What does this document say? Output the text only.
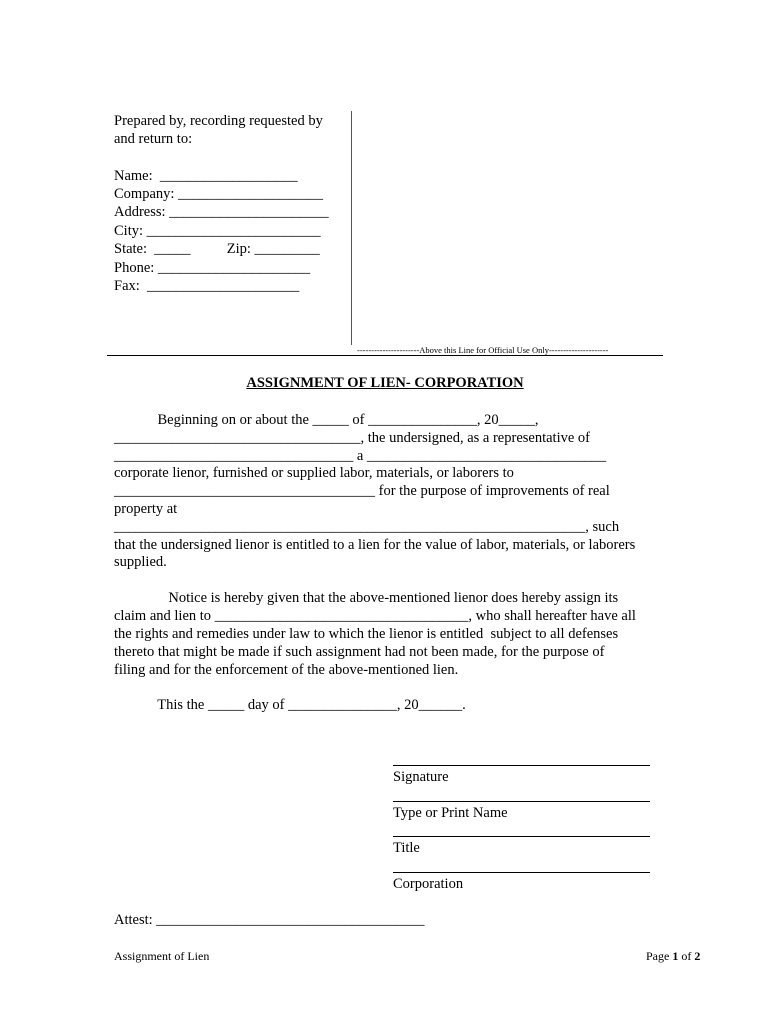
Prepared by, recording requested by
and return to:
Name:  ___________________
Company: ____________________
Address: ______________________
City: ________________________
State:  _____          Zip: _________
Phone: _____________________
Fax:  _____________________
----------------------Above this Line for Official Use Only---------------------
ASSIGNMENT OF LIEN- CORPORATION
Beginning on or about the _____ of _______________, 20_____,
__________________________________, the undersigned, as a representative of
_________________________________ a _________________________________
corporate lienor, furnished or supplied labor, materials, or laborers to
____________________________________ for the purpose of improvements of real
property at
_________________________________________________________________, such
that the undersigned lienor is entitled to a lien for the value of labor, materials, or laborers
supplied.
Notice is hereby given that the above-mentioned lienor does hereby assign its
claim and lien to ___________________________________, who shall hereafter have all
the rights and remedies under law to which the lienor is entitled  subject to all defenses
thereto that might be made if such assignment had not been made, for the purpose of
filing and for the enforcement of the above-mentioned lien.
This the _____ day of _______________, 20______.
Signature
Type or Print Name
Title
Corporation
Attest: _____________________________________
Assignment of Lien	Page 1 of 2
